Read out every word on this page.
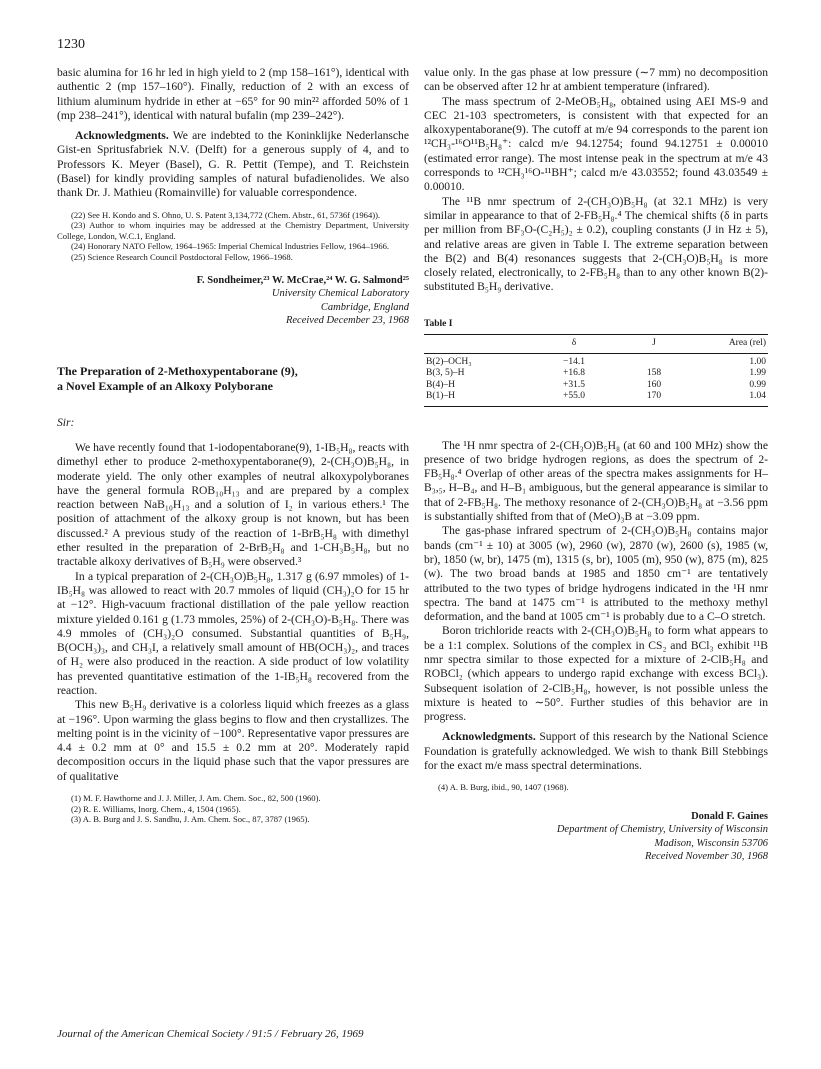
1230

basic alumina for 16 hr led in high yield to 2 (mp 158–161°), identical with authentic 2 (mp 157–160°). Finally, reduction of 2 with an excess of lithium aluminum hydride in ether at −65° for 90 min²² afforded 50% of 1 (mp 238–241°), identical with natural bufalin (mp 239–242°).

Acknowledgments. We are indebted to the Koninklijke Nederlansche Gist-en Spritusfabriek N.V. (Delft) for a generous supply of 4, and to Professors K. Meyer (Basel), G. R. Pettit (Tempe), and T. Reichstein (Basel) for kindly providing samples of natural bufadienolides. We also thank Dr. J. Mathieu (Romainville) for valuable correspondence.

(22) See H. Kondo and S. Ohno, U. S. Patent 3,134,772 (Chem. Abstr., 61, 5736f (1964)).

(23) Author to whom inquiries may be addressed at the Chemistry Department, University College, London, W.C.1, England.

(24) Honorary NATO Fellow, 1964–1965: Imperial Chemical Industries Fellow, 1964–1966.

(25) Science Research Council Postdoctoral Fellow, 1966–1968.

F. Sondheimer,²³ W. McCrae,²⁴ W. G. Salmond²⁵
University Chemical Laboratory
Cambridge, England
Received December 23, 1968
The Preparation of 2-Methoxypentaborane (9),
a Novel Example of an Alkoxy Polyborane

Sir:

We have recently found that 1-iodopentaborane(9), 1-IB₅H₈, reacts with dimethyl ether to produce 2-methoxypentaborane(9), 2-(CH₃O)B₅H₈, in moderate yield. The only other examples of neutral alkoxypolyboranes have the general formula ROB₁₀H₁₃ and are prepared by a complex reaction between NaB₁₀H₁₃ and a solution of I₂ in various ethers.¹ The position of attachment of the alkoxy group is not known, but has been discussed.² A previous study of the reaction of 1-BrB₅H₈ with dimethyl ether resulted in the preparation of 2-BrB₅H₈ and 1-CH₃B₅H₈, but no tractable alkoxy derivatives of B₅H₉ were observed.³

In a typical preparation of 2-(CH₃O)B₅H₈, 1.317 g (6.97 mmoles) of 1-IB₅H₈ was allowed to react with 20.7 mmoles of liquid (CH₃)₂O for 15 hr at −12°. High-vacuum fractional distillation of the pale yellow reaction mixture yielded 0.161 g (1.73 mmoles, 25%) of 2-(CH₃O)-B₅H₈. There was 4.9 mmoles of (CH₃)₂O consumed. Substantial quantities of B₅H₉, B(OCH₃)₃, and CH₃I, a relatively small amount of HB(OCH₃)₂, and traces of H₂ were also produced in the reaction. A side product of low volatility has prevented quantitative estimation of the 1-IB₅H₈ recovered from the reaction.

This new B₅H₉ derivative is a colorless liquid which freezes as a glass at −196°. Upon warming the glass begins to flow and then crystallizes. The melting point is in the vicinity of −100°. Representative vapor pressures are 4.4 ± 0.2 mm at 0° and 15.5 ± 0.2 mm at 20°. Moderately rapid decomposition occurs in the liquid phase such that the vapor pressures are of qualitative

(1) M. F. Hawthorne and J. J. Miller, J. Am. Chem. Soc., 82, 500 (1960).

(2) R. E. Williams, Inorg. Chem., 4, 1504 (1965).

(3) A. B. Burg and J. S. Sandhu, J. Am. Chem. Soc., 87, 3787 (1965).

value only. In the gas phase at low pressure (∼7 mm) no decomposition can be observed after 12 hr at ambient temperature (infrared).

The mass spectrum of 2-MeOB₅H₈, obtained using AEI MS-9 and CEC 21-103 spectrometers, is consistent with that expected for an alkoxypentaborane(9). The cutoff at m/e 94 corresponds to the parent ion ¹²CH₃-¹⁶O¹¹B₅H₈⁺: calcd m/e 94.12754; found 94.12751 ± 0.00010 (estimated error range). The most intense peak in the spectrum at m/e 43 corresponds to ¹²CH₃¹⁶O-¹¹BH⁺; calcd m/e 43.03552; found 43.03549 ± 0.00010.

The ¹¹B nmr spectrum of 2-(CH₃O)B₅H₈ (at 32.1 MHz) is very similar in appearance to that of 2-FB₅H₈.⁴ The chemical shifts (δ in parts per million from BF₃O-(C₂H₅)₂ ± 0.2), coupling constants (J in Hz ± 5), and relative areas are given in Table I. The extreme separation between the B(2) and B(4) resonances suggests that 2-(CH₃O)B₅H₈ is more closely related, electronically, to 2-FB₅H₈ than to any other known B(2)-substituted B₅H₉ derivative.

Table I
	δ	J	Area (rel)
B(2)–OCH₃	−14.1		1.00
B(3, 5)–H	+16.8	158	1.99
B(4)–H	+31.5	160	0.99
B(1)–H	+55.0	170	1.04

The ¹H nmr spectra of 2-(CH₃O)B₅H₈ (at 60 and 100 MHz) show the presence of two bridge hydrogen regions, as does the spectrum of 2-FB₅H₈.⁴ Overlap of other areas of the spectra makes assignments for H–B₃,₅, H–B₄, and H–B₁ ambiguous, but the general appearance is similar to that of 2-FB₅H₈. The methoxy resonance of 2-(CH₃O)B₅H₈ at −3.56 ppm is substantially shifted from that of (MeO)₃B at −3.09 ppm.

The gas-phase infrared spectrum of 2-(CH₃O)B₅H₈ contains major bands (cm⁻¹ ± 10) at 3005 (w), 2960 (w), 2870 (w), 2600 (s), 1985 (w, br), 1850 (w, br), 1475 (m), 1315 (s, br), 1005 (m), 950 (w), 875 (m), 825 (w). The two broad bands at 1985 and 1850 cm⁻¹ are tentatively attributed to the two types of bridge hydrogens indicated in the ¹H nmr spectra. The band at 1475 cm⁻¹ is attributed to the methoxy methyl deformation, and the band at 1005 cm⁻¹ is probably due to a C–O stretch.

Boron trichloride reacts with 2-(CH₃O)B₅H₈ to form what appears to be a 1:1 complex. Solutions of the complex in CS₂ and BCl₃ exhibit ¹¹B nmr spectra similar to those expected for a mixture of 2-ClB₅H₈ and ROBCl₂ (which appears to undergo rapid exchange with excess BCl₃). Subsequent isolation of 2-ClB₅H₈, however, is not possible unless the mixture is heated to ∼50°. Further studies of this behavior are in progress.

Acknowledgments. Support of this research by the National Science Foundation is gratefully acknowledged. We wish to thank Bill Stebbings for the exact m/e mass spectral determinations.

(4) A. B. Burg, ibid., 90, 1407 (1968).

Donald F. Gaines
Department of Chemistry, University of Wisconsin
Madison, Wisconsin 53706
Received November 30, 1968
Journal of the American Chemical Society / 91:5 / February 26, 1969
